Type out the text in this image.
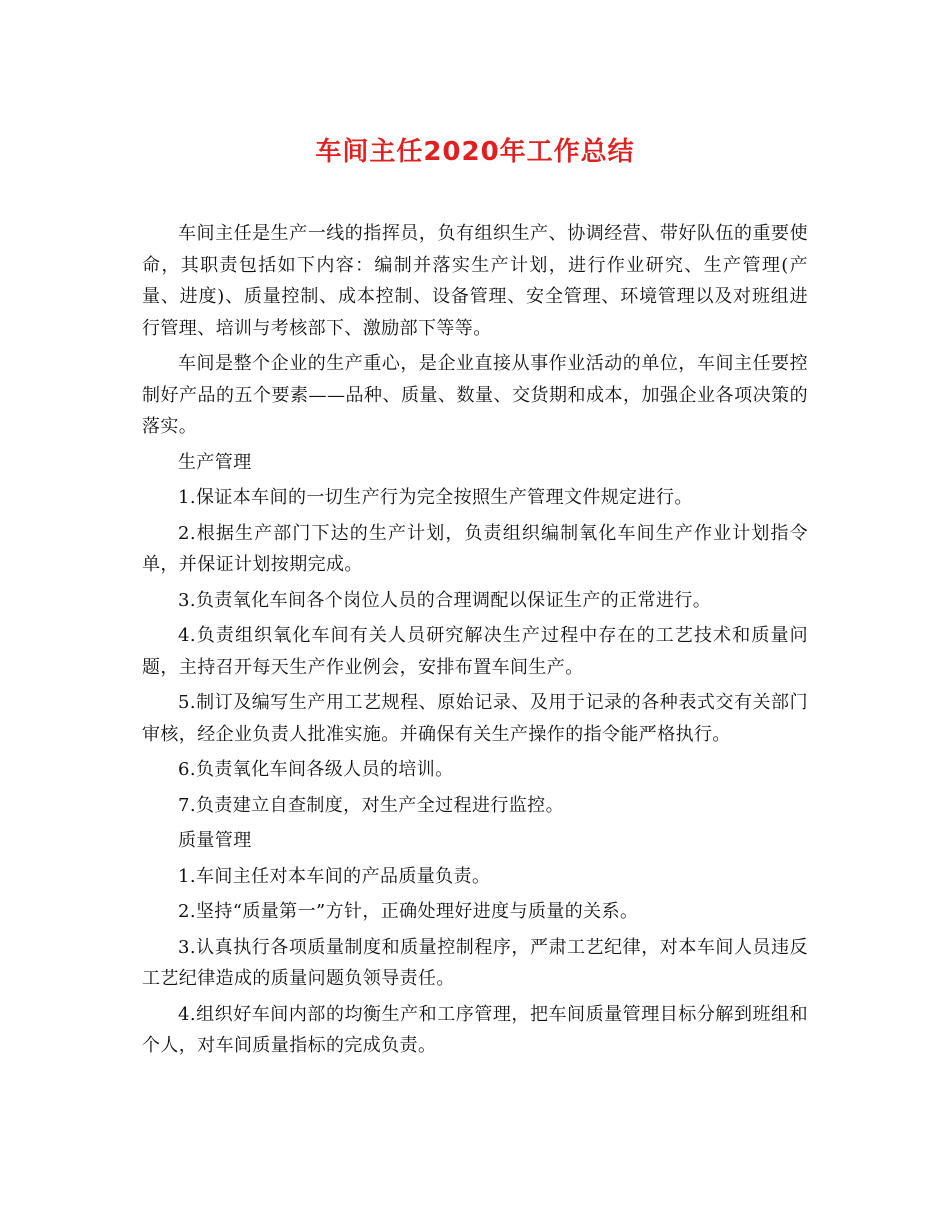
车间主任2020年工作总结

车间主任是生产一线的指挥员，负有组织生产、协调经营、带好队伍的重要使命，其职责包括如下内容：编制并落实生产计划，进行作业研究、生产管理(产量、进度)、质量控制、成本控制、设备管理、安全管理、环境管理以及对班组进行管理、培训与考核部下、激励部下等等。

车间是整个企业的生产重心，是企业直接从事作业活动的单位，车间主任要控制好产品的五个要素——品种、质量、数量、交货期和成本，加强企业各项决策的落实。

生产管理

1.保证本车间的一切生产行为完全按照生产管理文件规定进行。

2.根据生产部门下达的生产计划，负责组织编制氧化车间生产作业计划指令单，并保证计划按期完成。

3.负责氧化车间各个岗位人员的合理调配以保证生产的正常进行。

4.负责组织氧化车间有关人员研究解决生产过程中存在的工艺技术和质量问题，主持召开每天生产作业例会，安排布置车间生产。

5.制订及编写生产用工艺规程、原始记录、及用于记录的各种表式交有关部门审核，经企业负责人批准实施。并确保有关生产操作的指令能严格执行。

6.负责氧化车间各级人员的培训。

7.负责建立自查制度，对生产全过程进行监控。

质量管理

1.车间主任对本车间的产品质量负责。

2.坚持“质量第一”方针，正确处理好进度与质量的关系。

3.认真执行各项质量制度和质量控制程序，严肃工艺纪律，对本车间人员违反工艺纪律造成的质量问题负领导责任。

4.组织好车间内部的均衡生产和工序管理，把车间质量管理目标分解到班组和个人，对车间质量指标的完成负责。
